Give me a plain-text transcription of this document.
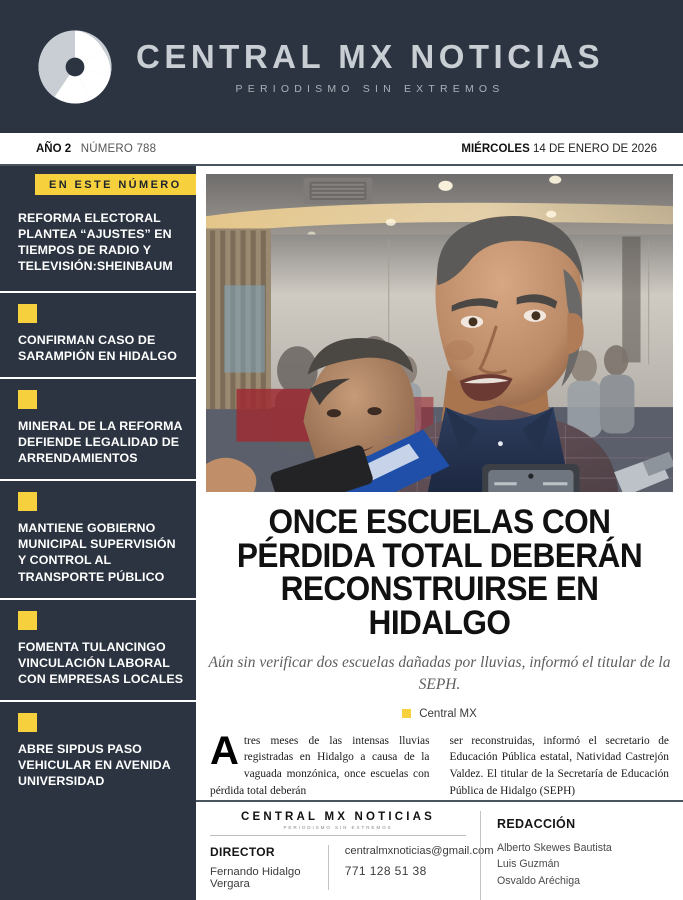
CENTRAL MX NOTICIAS
PERIODISMO SIN EXTREMOS
AÑO 2 NÚMERO 788	MIÉRCOLES 14 DE ENERO DE 2026
EN ESTE NÚMERO
REFORMA ELECTORAL PLANTEA “AJUSTES” EN TIEMPOS DE RADIO Y TELEVISIÓN:SHEINBAUM
CONFIRMAN CASO DE SARAMPIÓN EN HIDALGO
MINERAL DE LA REFORMA DEFIENDE LEGALIDAD DE ARRENDAMIENTOS
MANTIENE GOBIERNO MUNICIPAL SUPERVISIÓN Y CONTROL AL TRANSPORTE PÚBLICO
FOMENTA TULANCINGO VINCULACIÓN LABORAL CON EMPRESAS LOCALES
ABRE SIPDUS PASO VEHICULAR EN AVENIDA UNIVERSIDAD
ONCE ESCUELAS CON PÉRDIDA TOTAL DEBERÁN RECONSTRUIRSE EN HIDALGO
Aún sin verificar dos escuelas dañadas por lluvias, informó el titular de la SEPH.
Central MX
Atres meses de las intensas lluvias registradas en Hidalgo a causa de la vaguada monzónica, once escuelas con pérdida total deberán
ser reconstruidas, informó el secretario de Educación Pública estatal, Natividad Castrejón Valdez. El titular de la Secretaría de Educación Pública de Hidalgo (SEPH)
CENTRAL MX NOTICIAS
PERIODISMO SIN EXTREMOS
DIRECTOR
Fernando Hidalgo Vergara
centralmxnoticias@gmail.com
771 128 51 38
REDACCIÓN
Alberto Skewes Bautista
Luis Guzmán
Osvaldo Aréchiga
